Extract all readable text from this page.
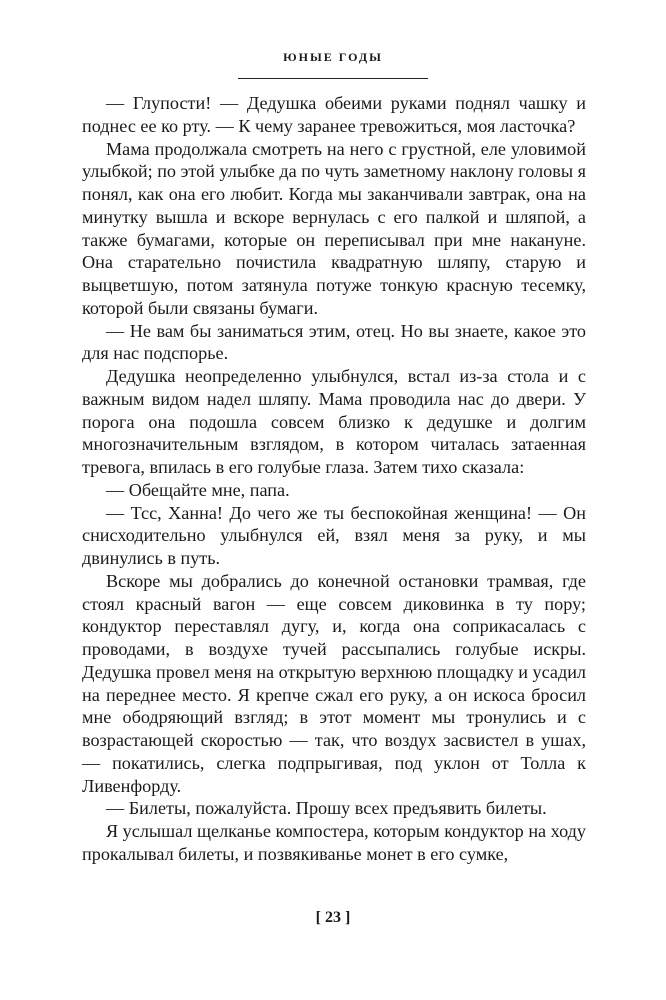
ЮНЫЕ ГОДЫ

— Глупости! — Дедушка обеими руками поднял чашку и поднес ее ко рту. — К чему заранее тревожиться, моя ласточка?

Мама продолжала смотреть на него с грустной, еле уловимой улыбкой; по этой улыбке да по чуть заметному наклону головы я понял, как она его любит. Когда мы заканчивали завтрак, она на минутку вышла и вскоре вернулась с его палкой и шляпой, а также бумагами, которые он переписывал при мне накануне. Она старательно почистила квадратную шляпу, старую и выцветшую, потом затянула потуже тонкую красную тесемку, которой были связаны бумаги.

— Не вам бы заниматься этим, отец. Но вы знаете, какое это для нас подспорье.

Дедушка неопределенно улыбнулся, встал из-за стола и с важным видом надел шляпу. Мама проводила нас до двери. У порога она подошла совсем близко к дедушке и долгим многозначительным взглядом, в котором читалась затаенная тревога, впилась в его голубые глаза. Затем тихо сказала:

— Обещайте мне, папа.

— Тсс, Ханна! До чего же ты беспокойная женщина! — Он снисходительно улыбнулся ей, взял меня за руку, и мы двинулись в путь.

Вскоре мы добрались до конечной остановки трамвая, где стоял красный вагон — еще совсем диковинка в ту пору; кондуктор переставлял дугу, и, когда она соприкасалась с проводами, в воздухе тучей рассыпались голубые искры. Дедушка провел меня на открытую верхнюю площадку и усадил на переднее место. Я крепче сжал его руку, а он искоса бросил мне ободряющий взгляд; в этот момент мы тронулись и с возрастающей скоростью — так, что воздух засвистел в ушах, — покатились, слегка подпрыгивая, под уклон от Толла к Ливенфорду.

— Билеты, пожалуйста. Прошу всех предъявить билеты.

Я услышал щелканье компостера, которым кондуктор на ходу прокалывал билеты, и позвякиванье монет в его сумке,

[ 23 ]
